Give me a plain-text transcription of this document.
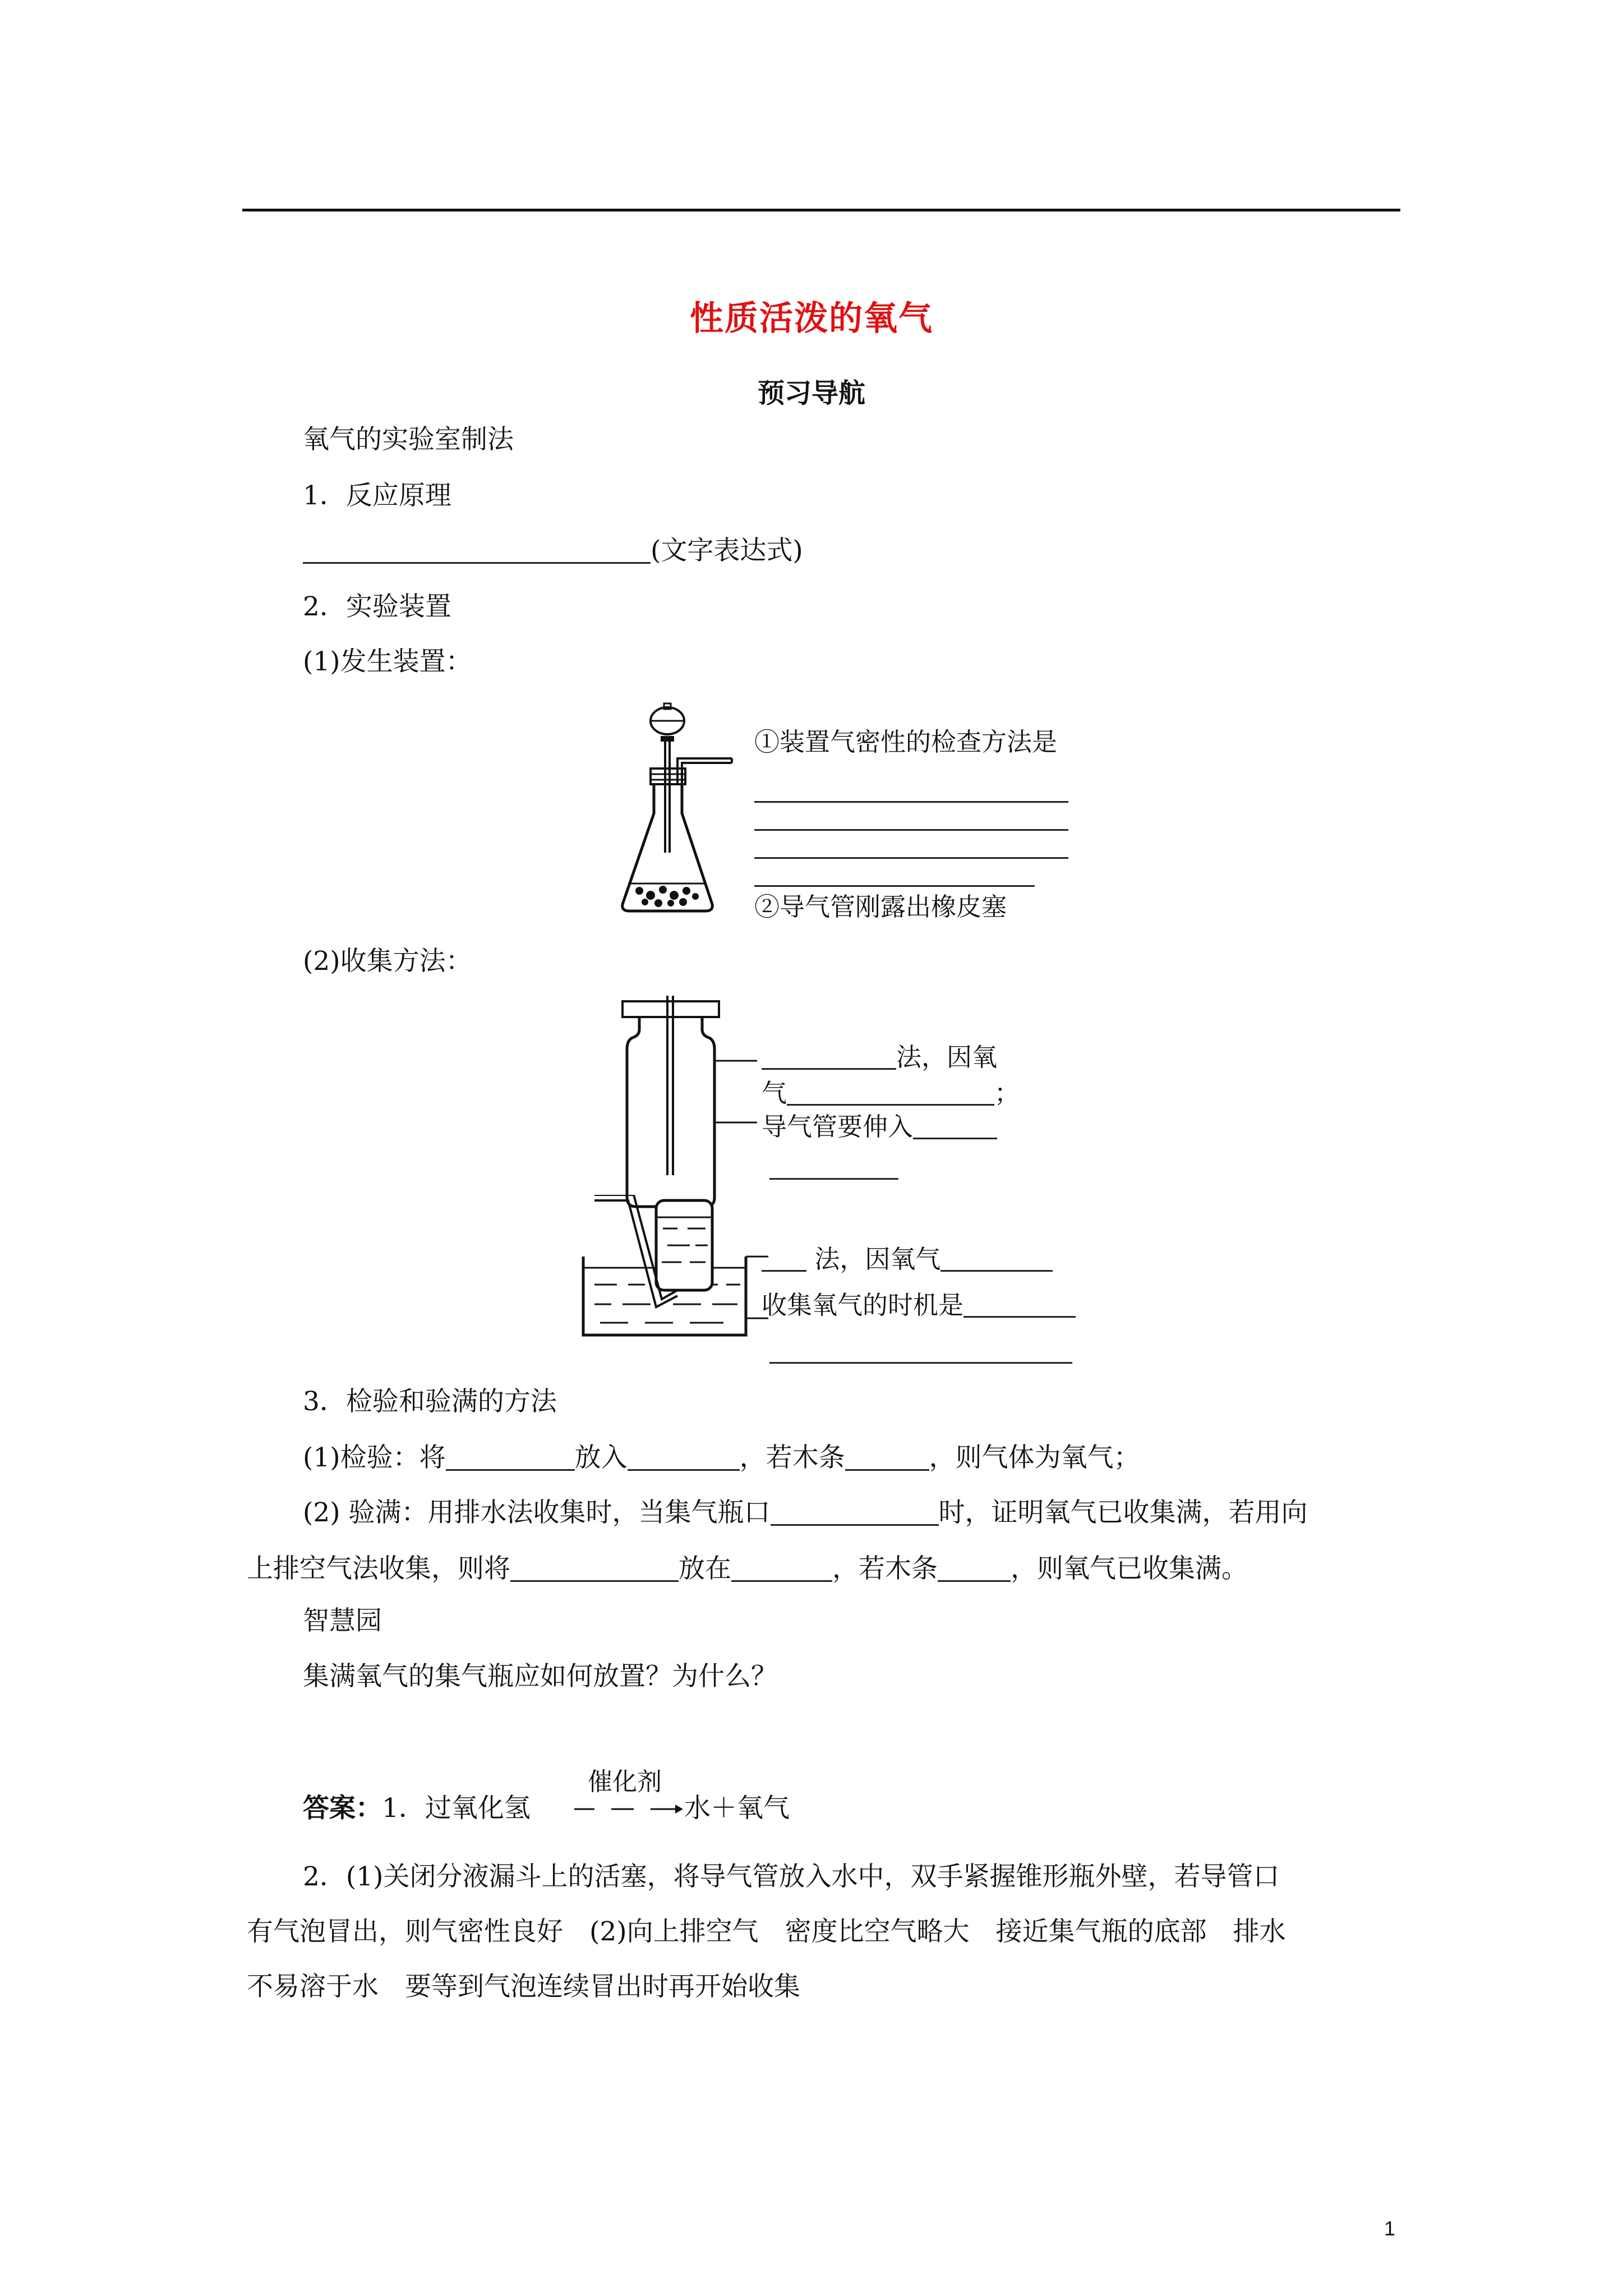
性质活泼的氧气
预习导航
氧气的实验室制法
1．反应原理
(文字表达式)
2．实验装置
(1)发生装置：
①装置气密性的检查方法是
②导气管刚露出橡皮塞
(2)收集方法：
法，因氧
气	；
导气管要伸入
法，因氧气
收集氧气的时机是
3．检验和验满的方法
(1)检验：将	放入	，若木条	，则气体为氧气；
(2) 验满：用排水法收集时，当集气瓶口	时，证明氧气已收集满，若用向
上排空气法收集，则将	放在	，若木条	，则氧气已收集满。
智慧园
集满氧气的集气瓶应如何放置？为什么？
答案：1．过氧化氢
催化剂
水＋氧气
2．(1)关闭分液漏斗上的活塞，将导气管放入水中，双手紧握锥形瓶外壁，若导管口
有气泡冒出，则气密性良好　(2)向上排空气　密度比空气略大　接近集气瓶的底部　排水
不易溶于水　要等到气泡连续冒出时再开始收集
1
